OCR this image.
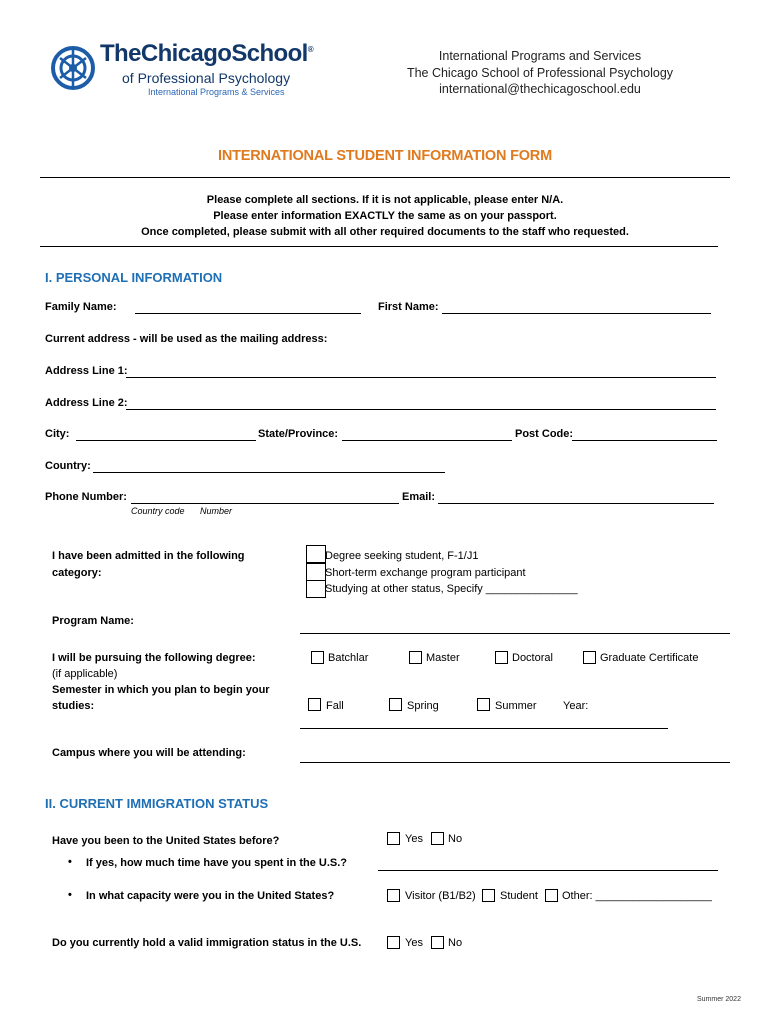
TheChicagoSchool®
of Professional Psychology
International Programs & Services
International Programs and Services
The Chicago School of Professional Psychology
international@thechicagoschool.edu
INTERNATIONAL STUDENT INFORMATION FORM
Please complete all sections. If it is not applicable, please enter N/A.
Please enter information EXACTLY the same as on your passport.
Once completed, please submit with all other required documents to the staff who requested.
I. PERSONAL INFORMATION
Family Name:	First Name:
Current address - will be used as the mailing address:
Address Line 1:
Address Line 2:
City:	State/Province:	Post Code:
Country:
Phone Number:	Email:
Country code Number
I have been admitted in the following
category:
Degree seeking student, F-1/J1
Short-term exchange program participant
Studying at other status, Specify _______________
Program Name:
I will be pursuing the following degree:
(if applicable)
Batchlar	Master	Doctoral	Graduate Certificate
Semester in which you plan to begin your
studies:	Fall	Spring	Summer Year:
Campus where you will be attending:
II. CURRENT IMMIGRATION STATUS
Have you been to the United States before?	Yes No
• If yes, how much time have you spent in the U.S.?
• In what capacity were you in the United States?	Visitor (B1/B2) Student Other: ___________________
Do you currently hold a valid immigration status in the U.S.	Yes No
Summer 2022
